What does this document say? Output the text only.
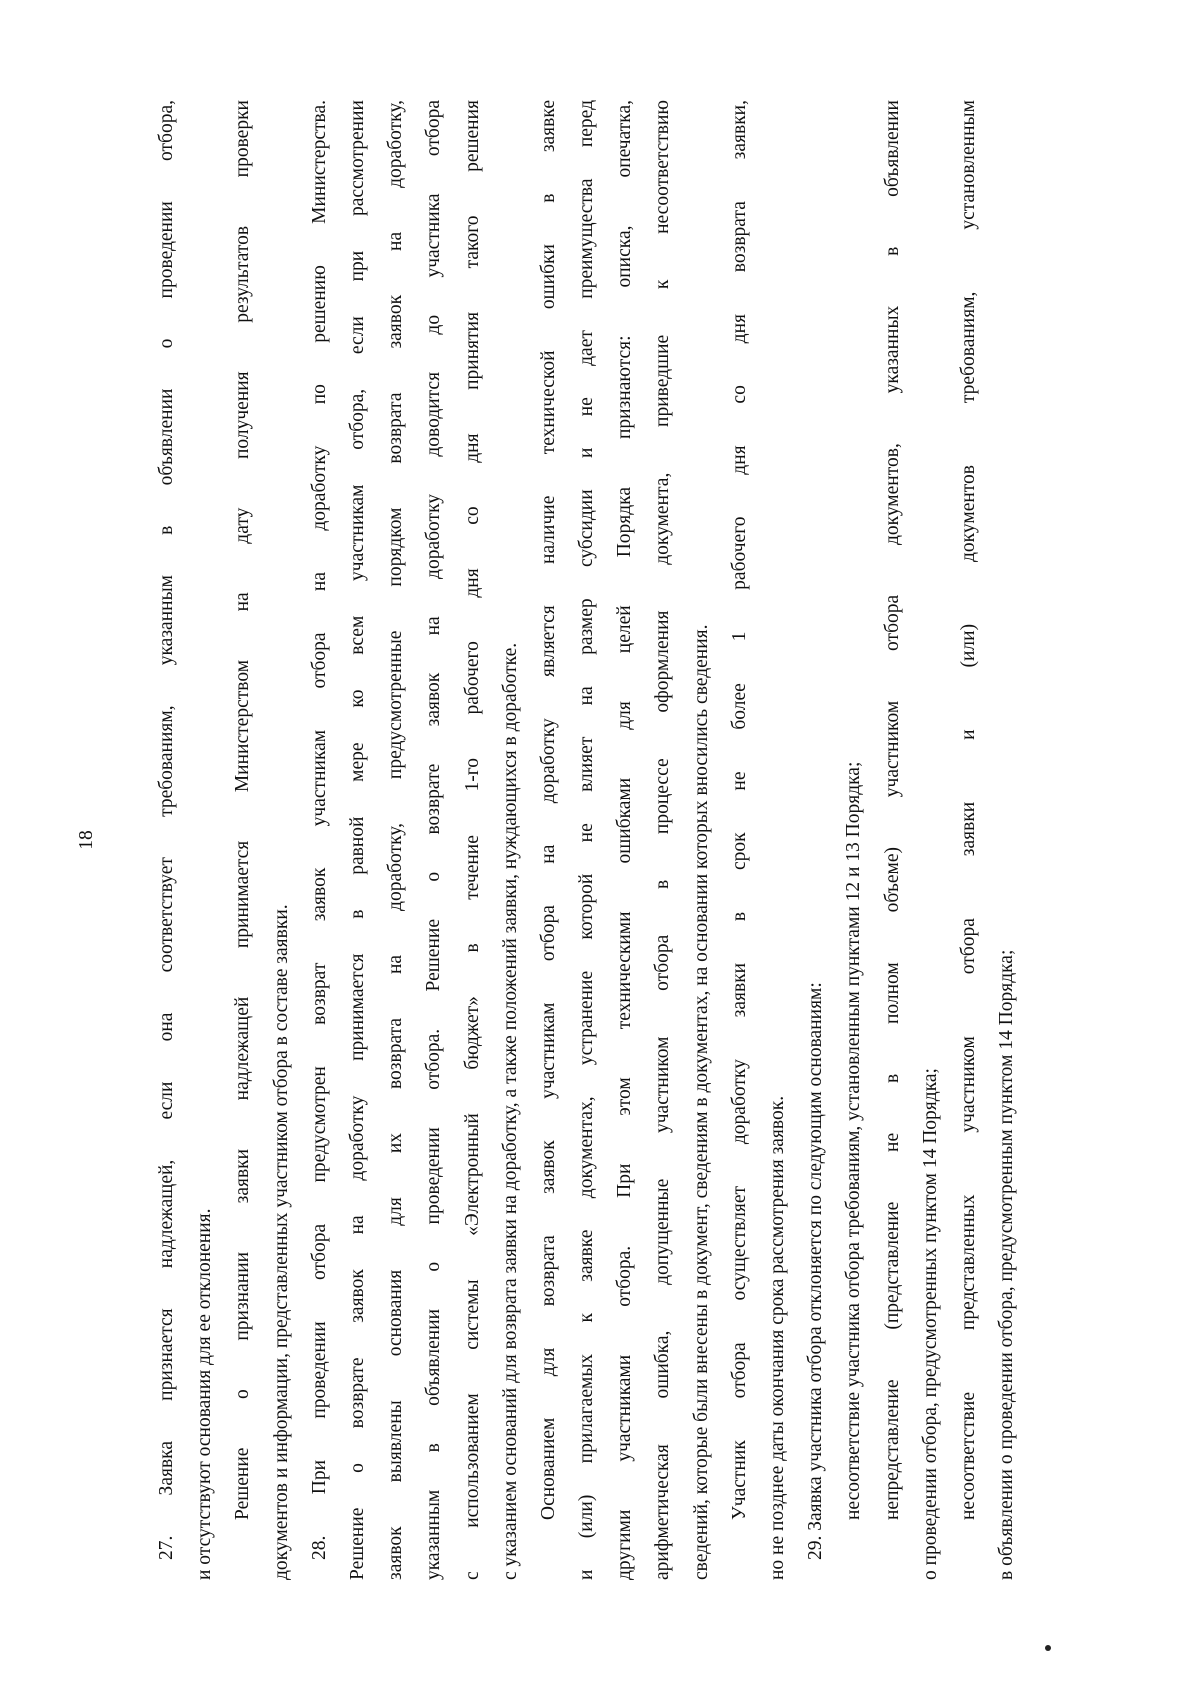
18	27. Заявка признается надлежащей, если она соответствует требованиям, указанным в объявлении о проведении отбора, и отсутствуют основания для ее отклонения. Решение о признании заявки надлежащей принимается Министерством на дату получения результатов проверки документов и информации, представленных участником отбора в составе заявки. 28. При проведении отбора предусмотрен возврат заявок участникам отбора на доработку по решению Министерства. Решение о возврате заявок на доработку принимается в равной мере ко всем участникам отбора, если при рассмотрении заявок выявлены основания для их возврата на доработку, предусмотренные порядком возврата заявок на доработку, указанным в объявлении о проведении отбора. Решение о возврате заявок на доработку доводится до участника отбора с использованием системы «Электронный бюджет» в течение 1-го рабочего дня со дня принятия такого решения с указанием оснований для возврата заявки на доработку, а также положений заявки, нуждающихся в доработке. Основанием для возврата заявок участникам отбора на доработку является наличие технической ошибки в заявке и (или) прилагаемых к заявке документах, устранение которой не влияет на размер субсидии и не дает преимущества перед другими участниками отбора. При этом техническими ошибками для целей Порядка признаются: описка, опечатка, арифметическая ошибка, допущенные участником отбора в процессе оформления документа, приведшие к несоответствию сведений, которые были внесены в документ, сведениям в документах, на основании которых вносились сведения. Участник отбора осуществляет доработку заявки в срок не более 1 рабочего дня со дня возврата заявки, но не позднее даты окончания срока рассмотрения заявок. 29. Заявка участника отбора отклоняется по следующим основаниям: несоответствие участника отбора требованиям, установленным пунктами 12 и 13 Порядка; непредставление (представление не в полном объеме) участником отбора документов, указанных в объявлении о проведении отбора, предусмотренных пунктом 14 Порядка; несоответствие представленных участником отбора заявки и (или) документов требованиям, установленным в объявлении о проведении отбора, предусмотренным пунктом 14 Порядка;
